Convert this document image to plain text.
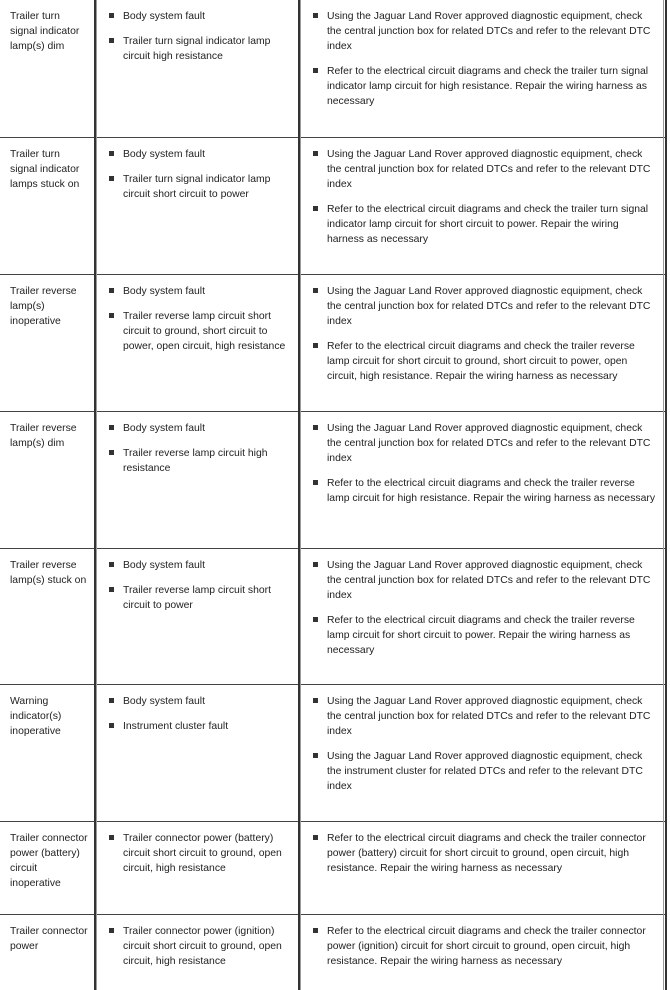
Trailer turn signal indicator lamp(s) dim
Body system fault
Trailer turn signal indicator lamp circuit high resistance
Using the Jaguar Land Rover approved diagnostic equipment, check the central junction box for related DTCs and refer to the relevant DTC index
Refer to the electrical circuit diagrams and check the trailer turn signal indicator lamp circuit for high resistance. Repair the wiring harness as necessary
Trailer turn signal indicator lamps stuck on
Body system fault
Trailer turn signal indicator lamp circuit short circuit to power
Using the Jaguar Land Rover approved diagnostic equipment, check the central junction box for related DTCs and refer to the relevant DTC index
Refer to the electrical circuit diagrams and check the trailer turn signal indicator lamp circuit for short circuit to power. Repair the wiring harness as necessary
Trailer reverse lamp(s) inoperative
Body system fault
Trailer reverse lamp circuit short circuit to ground, short circuit to power, open circuit, high resistance
Using the Jaguar Land Rover approved diagnostic equipment, check the central junction box for related DTCs and refer to the relevant DTC index
Refer to the electrical circuit diagrams and check the trailer reverse lamp circuit for short circuit to ground, short circuit to power, open circuit, high resistance. Repair the wiring harness as necessary
Trailer reverse lamp(s) dim
Body system fault
Trailer reverse lamp circuit high resistance
Using the Jaguar Land Rover approved diagnostic equipment, check the central junction box for related DTCs and refer to the relevant DTC index
Refer to the electrical circuit diagrams and check the trailer reverse lamp circuit for high resistance. Repair the wiring harness as necessary
Trailer reverse lamp(s) stuck on
Body system fault
Trailer reverse lamp circuit short circuit to power
Using the Jaguar Land Rover approved diagnostic equipment, check the central junction box for related DTCs and refer to the relevant DTC index
Refer to the electrical circuit diagrams and check the trailer reverse lamp circuit for short circuit to power. Repair the wiring harness as necessary
Warning indicator(s) inoperative
Body system fault
Instrument cluster fault
Using the Jaguar Land Rover approved diagnostic equipment, check the central junction box for related DTCs and refer to the relevant DTC index
Using the Jaguar Land Rover approved diagnostic equipment, check the instrument cluster for related DTCs and refer to the relevant DTC index
Trailer connector power (battery) circuit inoperative
Trailer connector power (battery) circuit short circuit to ground, open circuit, high resistance
Refer to the electrical circuit diagrams and check the trailer connector power (battery) circuit for short circuit to ground, open circuit, high resistance. Repair the wiring harness as necessary
Trailer connector power
Trailer connector power (ignition) circuit short circuit to ground, open circuit, high resistance
Refer to the electrical circuit diagrams and check the trailer connector power (ignition) circuit for short circuit to ground, open circuit, high resistance. Repair the wiring harness as necessary
